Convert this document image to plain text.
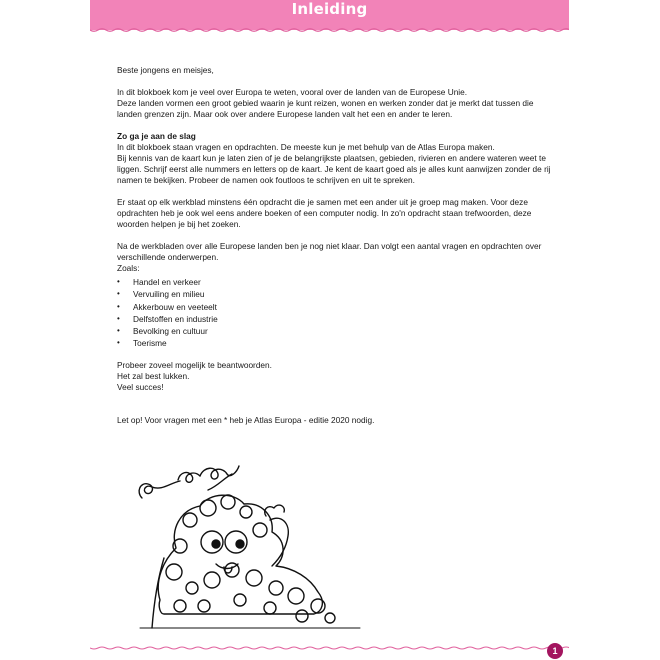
Inleiding

Beste jongens en meisjes,

In dit blokboek kom je veel over Europa te weten, vooral over de landen van de Europese Unie.

Deze landen vormen een groot gebied waarin je kunt reizen, wonen en werken zonder dat je merkt dat tussen die landen grenzen zijn. Maar ook over andere Europese landen valt het een en ander te leren.

Zo ga je aan de slag

In dit blokboek staan vragen en opdrachten. De meeste kun je met behulp van de Atlas Europa maken.

Bij kennis van de kaart kun je laten zien of je de belangrijkste plaatsen, gebieden, rivieren en andere wateren weet te liggen. Schrijf eerst alle nummers en letters op de kaart. Je kent de kaart goed als je alles kunt aanwijzen zonder de rij namen te bekijken. Probeer de namen ook foutloos te schrijven en uit te spreken.

Er staat op elk werkblad minstens één opdracht die je samen met een ander uit je groep mag maken. Voor deze opdrachten heb je ook wel eens andere boeken of een computer nodig. In zo'n opdracht staan trefwoorden, deze woorden helpen je bij het zoeken.

Na de werkbladen over alle Europese landen ben je nog niet klaar. Dan volgt een aantal vragen en opdrachten over verschillende onderwerpen.

Zoals:

• Handel en verkeer
• Vervuiling en milieu
• Akkerbouw en veeteelt
• Delfstoffen en industrie
• Bevolking en cultuur
• Toerisme

Probeer zoveel mogelijk te beantwoorden.

Het zal best lukken.

Veel succes!

Let op! Voor vragen met een * heb je Atlas Europa - editie 2020 nodig.

1
